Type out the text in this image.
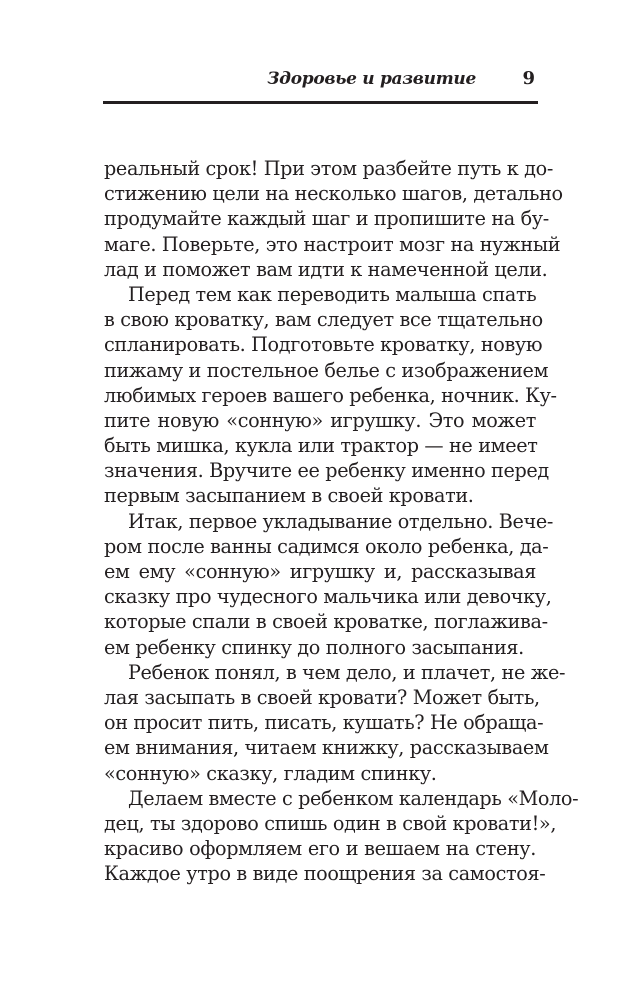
Здоровье и развитие	9
реальный срок! При этом разбейте путь к до-
стижению цели на несколько шагов, детально
продумайте каждый шаг и пропишите на бу-
маге. Поверьте, это настроит мозг на нужный
лад и поможет вам идти к намеченной цели.
Перед тем как переводить малыша спать
в свою кроватку, вам следует все тщательно
спланировать. Подготовьте кроватку, новую
пижаму и постельное белье с изображением
любимых героев вашего ребенка, ночник. Ку-
пите новую «сонную» игрушку. Это может
быть мишка, кукла или трактор — не имеет
значения. Вручите ее ребенку именно перед
первым засыпанием в своей кровати.
Итак, первое укладывание отдельно. Вече-
ром после ванны садимся около ребенка, да-
ем ему «сонную» игрушку и, рассказывая
сказку про чудесного мальчика или девочку,
которые спали в своей кроватке, поглажива-
ем ребенку спинку до полного засыпания.
Ребенок понял, в чем дело, и плачет, не же-
лая засыпать в своей кровати? Может быть,
он просит пить, писать, кушать? Не обраща-
ем внимания, читаем книжку, рассказываем
«сонную» сказку, гладим спинку.
Делаем вместе с ребенком календарь «Моло-
дец, ты здорово спишь один в свой кровати!»,
красиво оформляем его и вешаем на стену.
Каждое утро в виде поощрения за самостоя-
